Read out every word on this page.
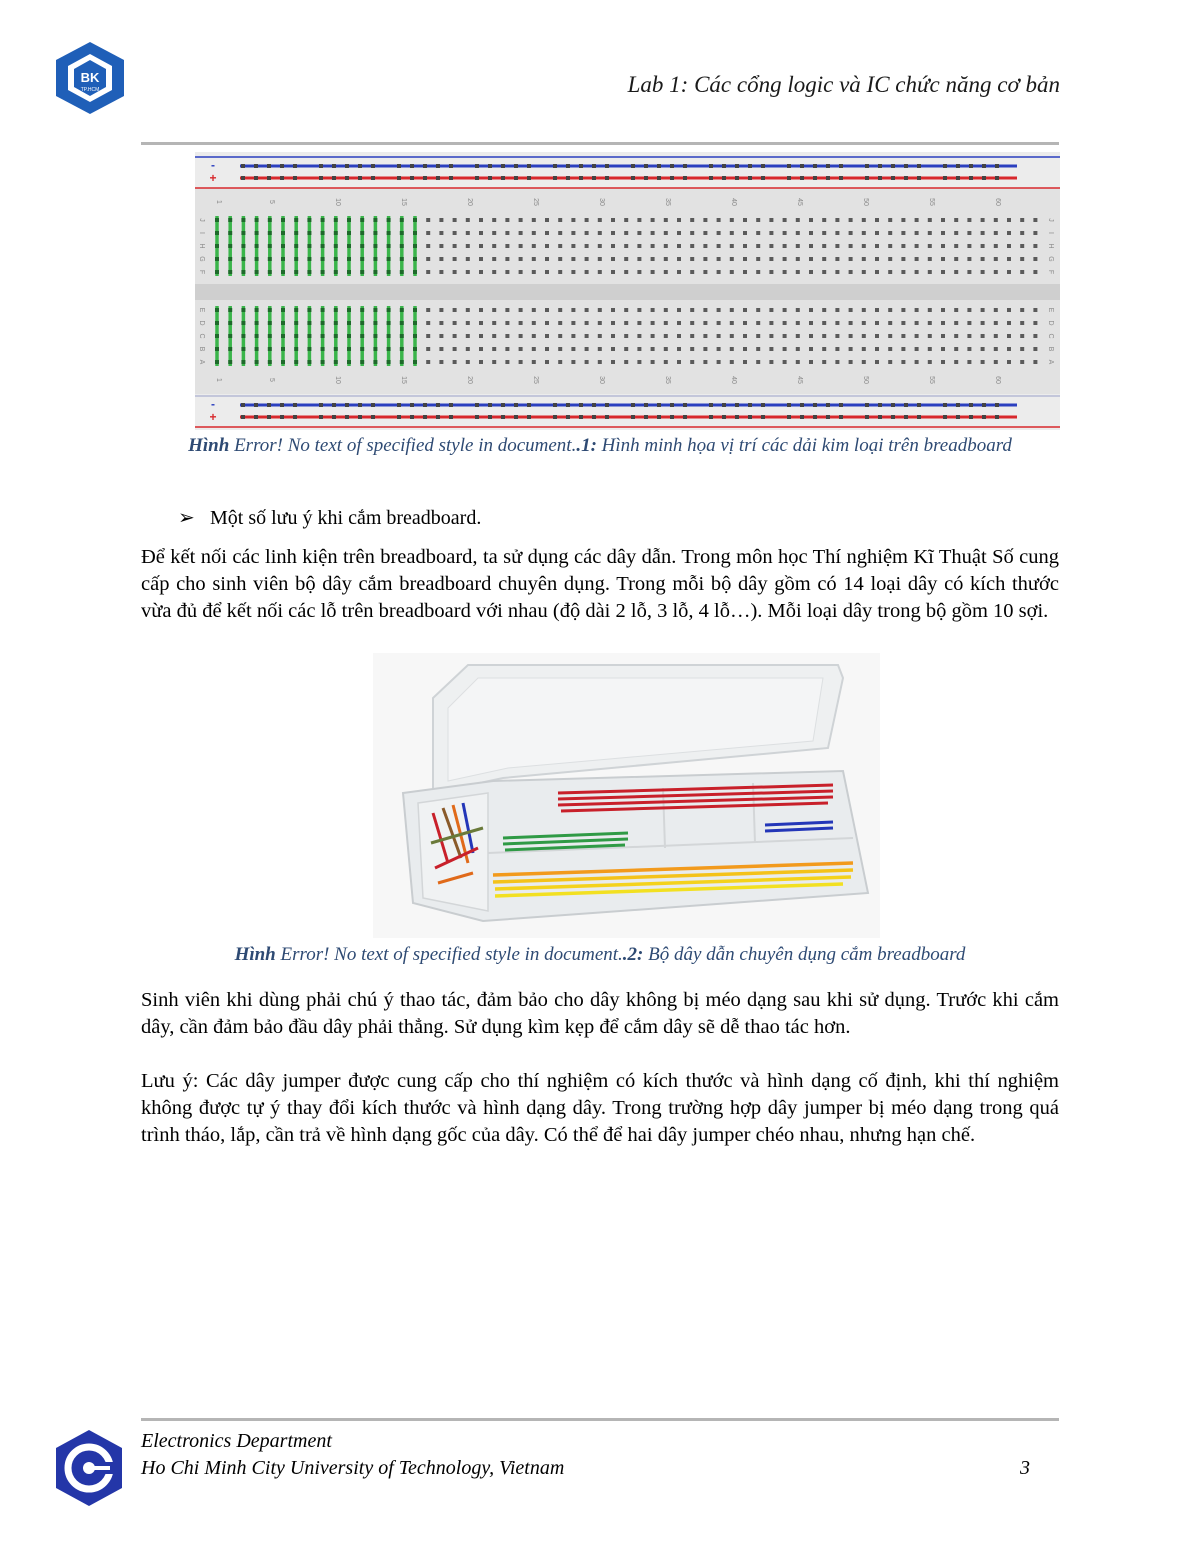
BK
TP.HCM	Lab 1: Các cổng logic và IC chức năng cơ bản
-
+
-
+
1
1
5
5
10
10
15
15
20
20
25
25
30
30
35
35
40
40
45
45
50
50
55
55
60
60
J	J
I	I
H	H
G	G
F	F
E	E
D	D
C	C
B	B
A	A
Hình Error! No text of specified style in document..1: Hình minh họa vị trí các dải kim loại trên breadboard
➢ Một số lưu ý khi cắm breadboard.
Để kết nối các linh kiện trên breadboard, ta sử dụng các dây dẫn. Trong môn học Thí nghiệm Kĩ Thuật Số cung cấp cho sinh viên bộ dây cắm breadboard chuyên dụng. Trong mỗi bộ dây gồm có 14 loại dây có kích thước vừa đủ để kết nối các lỗ trên breadboard với nhau (độ dài 2 lỗ, 3 lỗ, 4 lỗ…). Mỗi loại dây trong bộ gồm 10 sợi.
Hình Error! No text of specified style in document..2: Bộ dây dẫn chuyên dụng cắm breadboard
Sinh viên khi dùng phải chú ý thao tác, đảm bảo cho dây không bị méo dạng sau khi sử dụng. Trước khi cắm dây, cần đảm bảo đầu dây phải thẳng. Sử dụng kìm kẹp để cắm dây sẽ dễ thao tác hơn.
Lưu ý: Các dây jumper được cung cấp cho thí nghiệm có kích thước và hình dạng cố định, khi thí nghiệm không được tự ý thay đổi kích thước và hình dạng dây. Trong trường hợp dây jumper bị méo dạng trong quá trình tháo, lắp, cần trả về hình dạng gốc của dây. Có thể để hai dây jumper chéo nhau, nhưng hạn chế.
Electronics Department
Ho Chi Minh City University of Technology, Vietnam	3
